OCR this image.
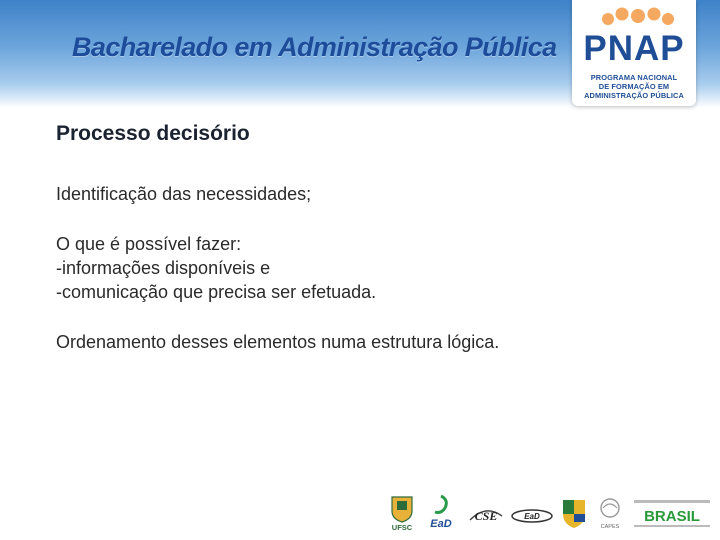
Bacharelado em Administração Pública PNAP
PROGRAMA NACIONAL
DE FORMAÇÃO EM
ADMINISTRAÇÃO PÚBLICA
Processo decisório

Identificação das necessidades;

O que é possível fazer:
-informações disponíveis e
-comunicação que precisa ser efetuada.

Ordenamento desses elementos numa estrutura lógica.

UFSC EaD
CSE	EaD
CAPES
BRASIL
